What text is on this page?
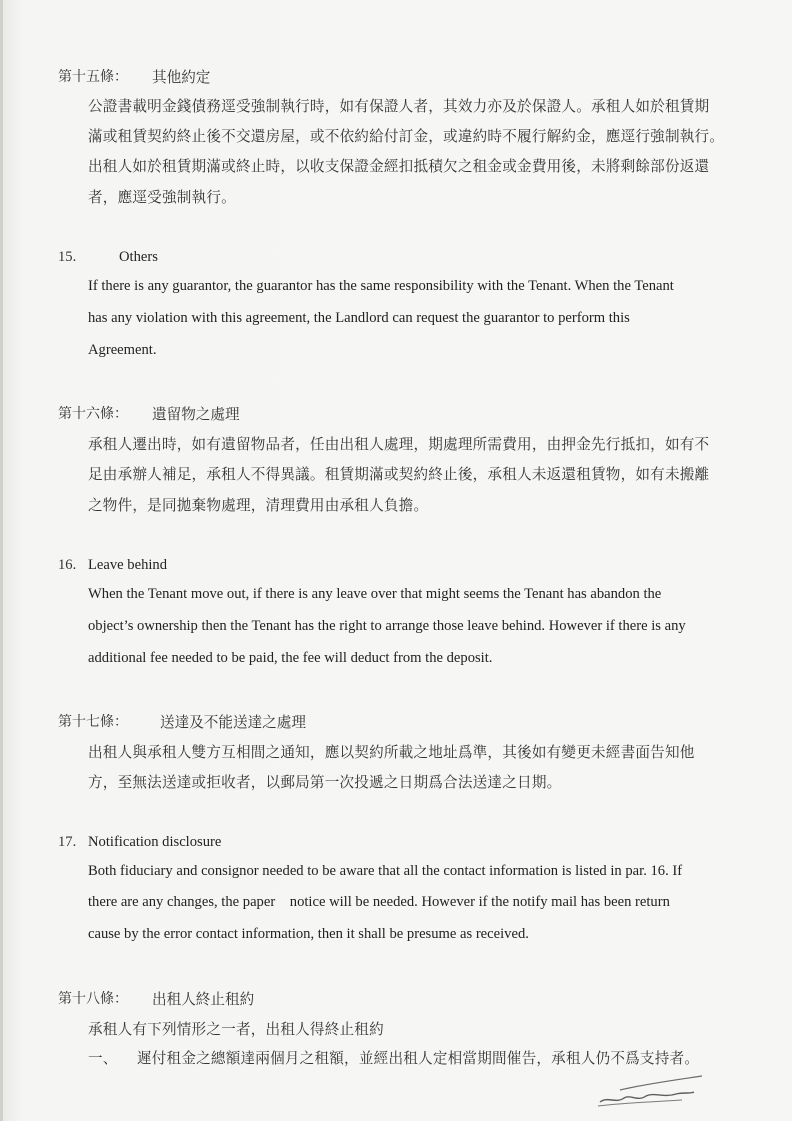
第十五條： 其他約定
公證書載明金錢債務逕受強制執行時，如有保證人者，其效力亦及於保證人。承租人如於租賃期
滿或租賃契約終止後不交還房屋，或不依約給付訂金，或違約時不履行解約金，應逕行強制執行。
出租人如於租賃期滿或終止時，以收支保證金經扣抵積欠之租金或金費用後，未將剩餘部份返還
者，應逕受強制執行。
15.	Others
If there is any guarantor, the guarantor has the same responsibility with the Tenant. When the Tenant
has any violation with this agreement, the Landlord can request the guarantor to perform this
Agreement.
第十六條： 遺留物之處理
承租人遷出時，如有遺留物品者，任由出租人處理，期處理所需費用，由押金先行抵扣，如有不
足由承辦人補足，承租人不得異議。租賃期滿或契約終止後，承租人未返還租賃物，如有未搬離
之物件，是同拋棄物處理，清理費用由承租人負擔。
16. Leave behind
When the Tenant move out, if there is any leave over that might seems the Tenant has abandon the
object’s ownership then the Tenant has the right to arrange those leave behind. However if there is any
additional fee needed to be paid, the fee will deduct from the deposit.
第十七條： 送達及不能送達之處理
出租人與承租人雙方互相間之通知，應以契約所載之地址爲準，其後如有變更未經書面告知他
方，至無法送達或拒收者，以郵局第一次投遞之日期爲合法送達之日期。
17. Notification disclosure
Both fiduciary and consignor needed to be aware that all the contact information is listed in par. 16. If
there are any changes, the paper    notice will be needed. However if the notify mail has been return
cause by the error contact information, then it shall be presume as received.
第十八條： 出租人終止租約
承租人有下列情形之一者，出租人得終止租約
一、    遲付租金之總額達兩個月之租額，並經出租人定相當期間催告，承租人仍不爲支持者。
